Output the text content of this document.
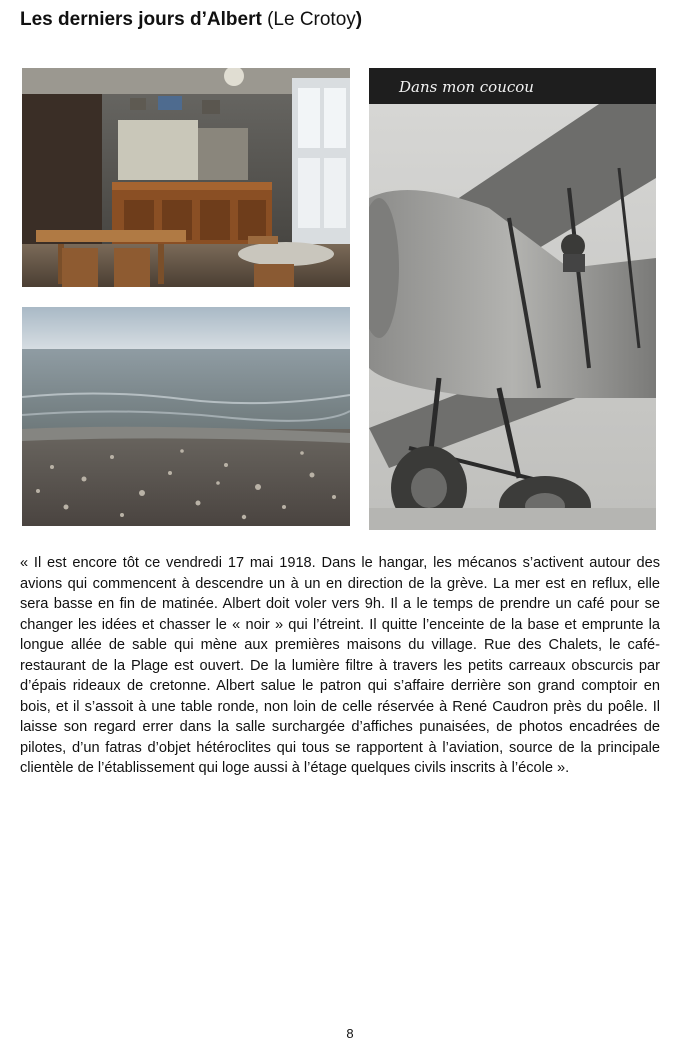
Les derniers jours d’Albert (Le Crotoy)
Dans mon coucou

« Il est encore tôt ce vendredi 17 mai 1918. Dans le hangar, les mécanos s’activent autour des avions qui commencent à descendre un à un en direction de la grève. La mer est en reflux, elle sera basse en fin de matinée. Albert doit voler vers 9h. Il a le temps de prendre un café pour se changer les idées et chasser le « noir » qui l’étreint. Il quitte l’enceinte de la base et emprunte la longue allée de sable qui mène aux premières maisons du village. Rue des Chalets, le café-restaurant de la Plage est ouvert. De la lumière filtre à travers les petits carreaux obscurcis par d’épais rideaux de cretonne. Albert salue le patron qui s’affaire derrière son grand comptoir en bois, et il s’assoit à une table ronde, non loin de celle réservée à René Caudron près du poêle. Il laisse son regard errer dans la salle surchargée d’affiches punaisées, de photos encadrées de pilotes, d’un fatras d’objet hétéroclites qui tous se rapportent à l’aviation, source de la principale clientèle de l’établissement qui loge aussi à l’étage quelques civils inscrits à l’école ».

8
